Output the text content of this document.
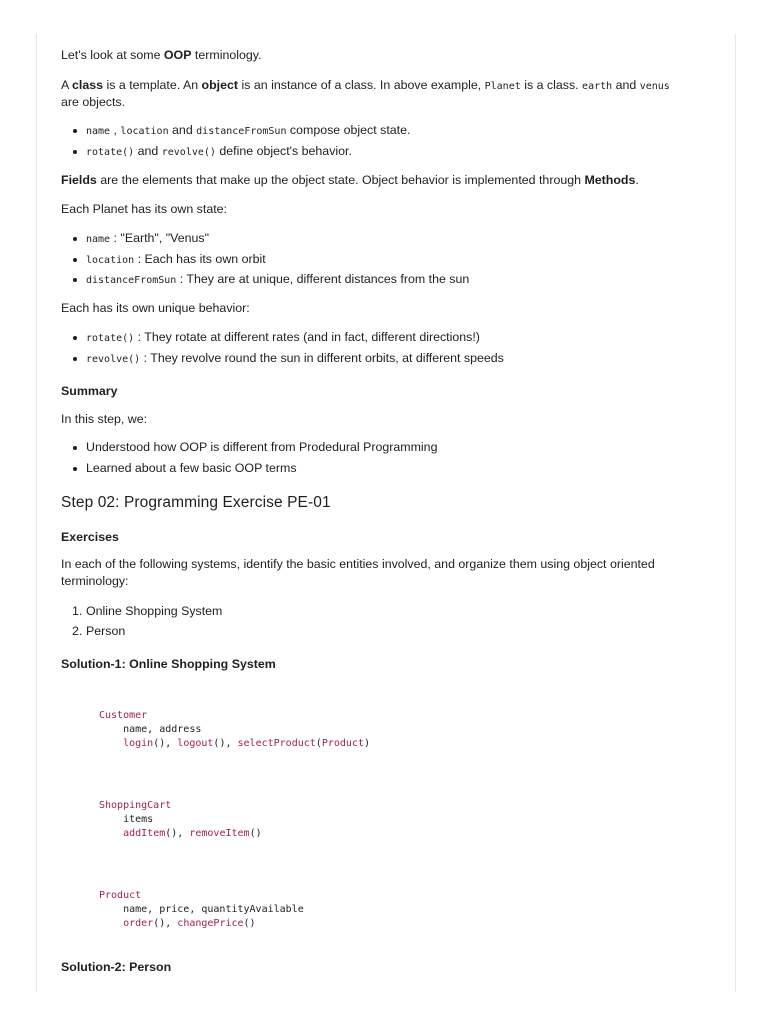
Let's look at some OOP terminology.
A class is a template. An object is an instance of a class. In above example, Planet is a class. earth and venus
are objects.
name , location and distanceFromSun compose object state.
rotate() and revolve() define object's behavior.
Fields are the elements that make up the object state. Object behavior is implemented through Methods.
Each Planet has its own state:
name : "Earth", "Venus"
location : Each has its own orbit
distanceFromSun : They are at unique, different distances from the sun
Each has its own unique behavior:
rotate() : They rotate at different rates (and in fact, different directions!)
revolve() : They revolve round the sun in different orbits, at different speeds
Summary
In this step, we:
Understood how OOP is different from Prodedural Programming
Learned about a few basic OOP terms
Step 02: Programming Exercise PE-01
Exercises
In each of the following systems, identify the basic entities involved, and organize them using object oriented
terminology:
1. Online Shopping System
2. Person
Solution-1: Online Shopping System
Customer
name, address
login(), logout(), selectProduct(Product)
ShoppingCart
items
addItem(), removeItem()
Product
name, price, quantityAvailable
order(), changePrice()
Solution-2: Person
